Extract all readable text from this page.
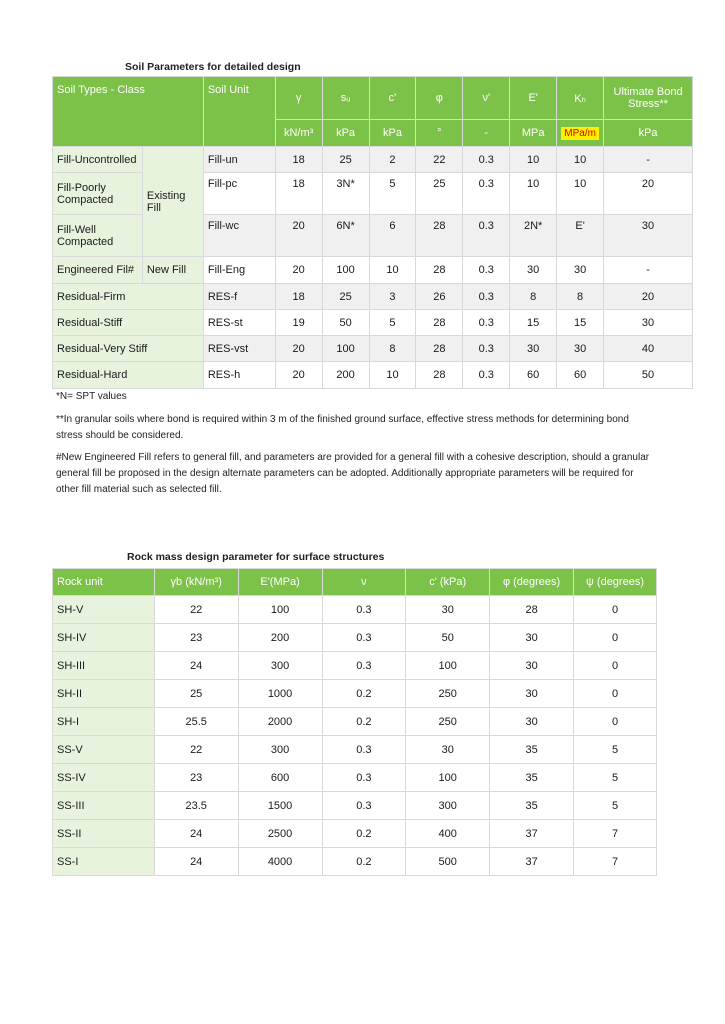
Soil Parameters for detailed design
Soil Types - Class		Soil Unit	γ	sᵤ	c'	φ	ν'	E'	Kₕ	Ultimate Bond Stress**
			kN/m³	kPa	kPa	°	-	MPa	MPa/m	kPa
Fill-Uncontrolled	Existing Fill	Fill-un	18	25	2	22	0.3	10	10	-
Fill-Poorly Compacted		Fill-pc	18	3N*	5	25	0.3	10	10	20
Fill-Well Compacted		Fill-wc	20	6N*	6	28	0.3	2N*	E'	30
Engineered Fil#	New Fill	Fill-Eng	20	100	10	28	0.3	30	30	-
Residual-Firm		RES-f	18	25	3	26	0.3	8	8	20
Residual-Stiff		RES-st	19	50	5	28	0.3	15	15	30
Residual-Very Stiff		RES-vst	20	100	8	28	0.3	30	30	40
Residual-Hard		RES-h	20	200	10	28	0.3	60	60	50
*N= SPT values
**In granular soils where bond is required within 3 m of the finished ground surface, effective stress methods for determining bond stress should be considered.
#New Engineered Fill refers to general fill, and parameters are provided for a general fill with a cohesive description, should a granular general fill be proposed in the design alternate parameters can be adopted. Additionally appropriate parameters will be required for other fill material such as selected fill.
Rock mass design parameter for surface structures
Rock unit	γb (kN/m³)	E'(MPa)	ν	c' (kPa)	φ (degrees)	ψ (degrees)
SH-V	22	100	0.3	30	28	0
SH-IV	23	200	0.3	50	30	0
SH-III	24	300	0.3	100	30	0
SH-II	25	1000	0.2	250	30	0
SH-I	25.5	2000	0.2	250	30	0
SS-V	22	300	0.3	30	35	5
SS-IV	23	600	0.3	100	35	5
SS-III	23.5	1500	0.3	300	35	5
SS-II	24	2500	0.2	400	37	7
SS-I	24	4000	0.2	500	37	7
